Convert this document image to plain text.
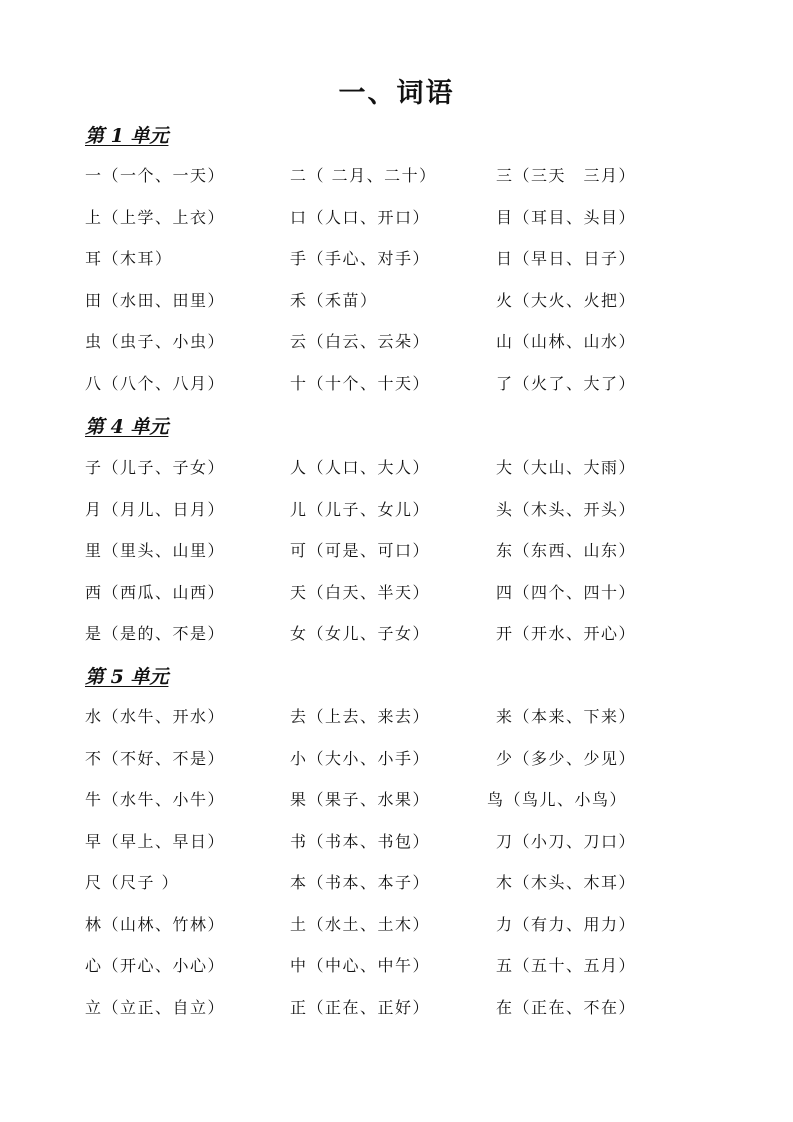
一、词语
第 1 单元
一（一个、一天）	二（ 二月、二十）	三（三天　三月）
上（上学、上衣）	口（人口、开口）	目（耳目、头目）
耳（木耳）	手（手心、对手）	日（早日、日子）
田（水田、田里）	禾（禾苗）	火（大火、火把）
虫（虫子、小虫）	云（白云、云朵）	山（山林、山水）
八（八个、八月）	十（十个、十天）	了（火了、大了）
第 4 单元
子（儿子、子女）	人（人口、大人）	大（大山、大雨）
月（月儿、日月）	儿（儿子、女儿）	头（木头、开头）
里（里头、山里）	可（可是、可口）	东（东西、山东）
西（西瓜、山西）	天（白天、半天）	四（四个、四十）
是（是的、不是）	女（女儿、子女）	开（开水、开心）
第 5 单元
水（水牛、开水）	去（上去、来去）	来（本来、下来）
不（不好、不是）	小（大小、小手）	少（多少、少见）
牛（水牛、小牛）	果（果子、水果）	鸟（鸟儿、小鸟）
早（早上、早日）	书（书本、书包）	刀（小刀、刀口）
尺（尺子 ）	本（书本、本子）	木（木头、木耳）
林（山林、竹林）	土（水土、土木）	力（有力、用力）
心（开心、小心）	中（中心、中午）	五（五十、五月）
立（立正、自立）	正（正在、正好）	在（正在、不在）
